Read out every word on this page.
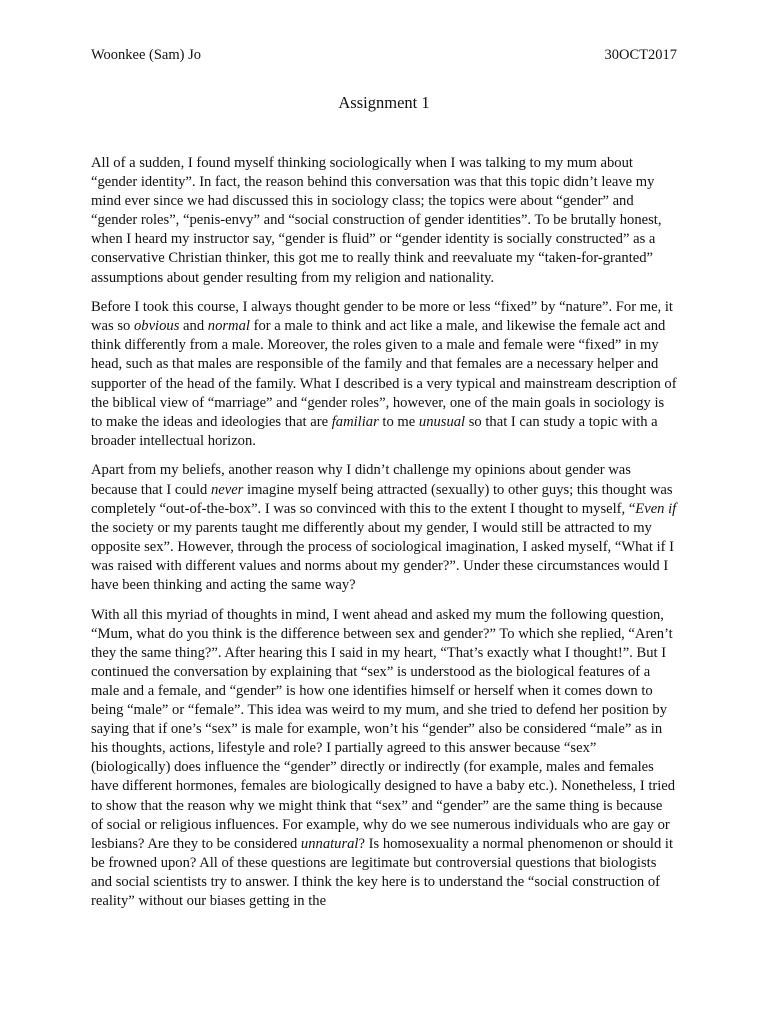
Woonkee (Sam) Jo	30OCT2017
Assignment 1

All of a sudden, I found myself thinking sociologically when I was talking to my mum about “gender identity”. In fact, the reason behind this conversation was that this topic didn’t leave my mind ever since we had discussed this in sociology class; the topics were about “gender” and “gender roles”, “penis-envy” and “social construction of gender identities”. To be brutally honest, when I heard my instructor say, “gender is fluid” or “gender identity is socially constructed” as a conservative Christian thinker, this got me to really think and reevaluate my “taken-for-granted” assumptions about gender resulting from my religion and nationality.

Before I took this course, I always thought gender to be more or less “fixed” by “nature”. For me, it was so obvious and normal for a male to think and act like a male, and likewise the female act and think differently from a male. Moreover, the roles given to a male and female were “fixed” in my head, such as that males are responsible of the family and that females are a necessary helper and supporter of the head of the family. What I described is a very typical and mainstream description of the biblical view of “marriage” and “gender roles”, however, one of the main goals in sociology is to make the ideas and ideologies that are familiar to me unusual so that I can study a topic with a broader intellectual horizon.

Apart from my beliefs, another reason why I didn’t challenge my opinions about gender was because that I could never imagine myself being attracted (sexually) to other guys; this thought was completely “out-of-the-box”. I was so convinced with this to the extent I thought to myself, “Even if the society or my parents taught me differently about my gender, I would still be attracted to my opposite sex”. However, through the process of sociological imagination, I asked myself, “What if I was raised with different values and norms about my gender?”. Under these circumstances would I have been thinking and acting the same way?

With all this myriad of thoughts in mind, I went ahead and asked my mum the following question, “Mum, what do you think is the difference between sex and gender?” To which she replied, “Aren’t they the same thing?”. After hearing this I said in my heart, “That’s exactly what I thought!”. But I continued the conversation by explaining that “sex” is understood as the biological features of a male and a female, and “gender” is how one identifies himself or herself when it comes down to being “male” or “female”. This idea was weird to my mum, and she tried to defend her position by saying that if one’s “sex” is male for example, won’t his “gender” also be considered “male” as in his thoughts, actions, lifestyle and role? I partially agreed to this answer because “sex” (biologically) does influence the “gender” directly or indirectly (for example, males and females have different hormones, females are biologically designed to have a baby etc.). Nonetheless, I tried to show that the reason why we might think that “sex” and “gender” are the same thing is because of social or religious influences. For example, why do we see numerous individuals who are gay or lesbians? Are they to be considered unnatural? Is homosexuality a normal phenomenon or should it be frowned upon? All of these questions are legitimate but controversial questions that biologists and social scientists try to answer. I think the key here is to understand the “social construction of reality” without our biases getting in the
